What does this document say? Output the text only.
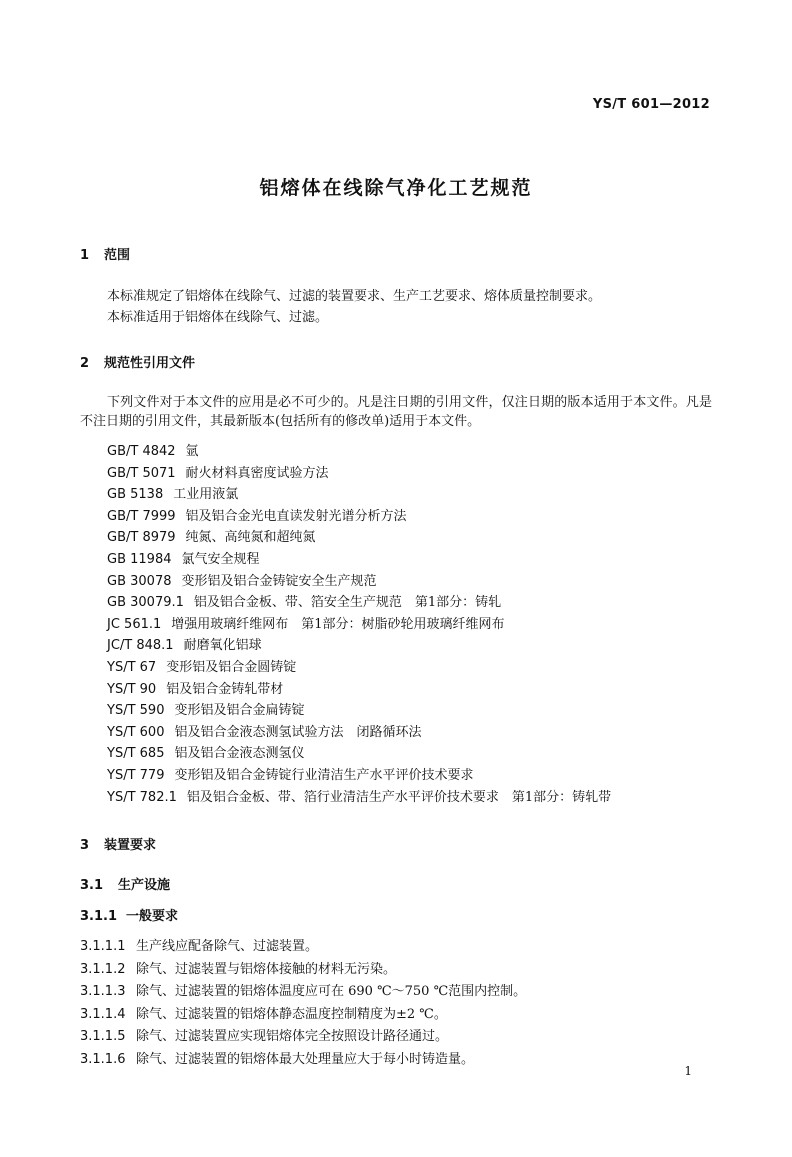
YS/T 601—2012
铝熔体在线除气净化工艺规范
1 范围
本标准规定了铝熔体在线除气、过滤的装置要求、生产工艺要求、熔体质量控制要求。
本标准适用于铝熔体在线除气、过滤。
2 规范性引用文件
下列文件对于本文件的应用是必不可少的。凡是注日期的引用文件，仅注日期的版本适用于本文件。凡是不注日期的引用文件，其最新版本(包括所有的修改单)适用于本文件。
GB/T 4842 氩
GB/T 5071 耐火材料真密度试验方法
GB 5138 工业用液氯
GB/T 7999 铝及铝合金光电直读发射光谱分析方法
GB/T 8979 纯氮、高纯氮和超纯氮
GB 11984 氯气安全规程
GB 30078 变形铝及铝合金铸锭安全生产规范
GB 30079.1 铝及铝合金板、带、箔安全生产规范　第1部分：铸轧
JC 561.1 增强用玻璃纤维网布　第1部分：树脂砂轮用玻璃纤维网布
JC/T 848.1 耐磨氧化铝球
YS/T 67 变形铝及铝合金圆铸锭
YS/T 90 铝及铝合金铸轧带材
YS/T 590 变形铝及铝合金扁铸锭
YS/T 600 铝及铝合金液态测氢试验方法　闭路循环法
YS/T 685 铝及铝合金液态测氢仪
YS/T 779 变形铝及铝合金铸锭行业清洁生产水平评价技术要求
YS/T 782.1 铝及铝合金板、带、箔行业清洁生产水平评价技术要求　第1部分：铸轧带
3 装置要求
3.1 生产设施
3.1.1 一般要求
3.1.1.1 生产线应配备除气、过滤装置。
3.1.1.2 除气、过滤装置与铝熔体接触的材料无污染。
3.1.1.3 除气、过滤装置的铝熔体温度应可在 690 ℃～750 ℃范围内控制。
3.1.1.4 除气、过滤装置的铝熔体静态温度控制精度为±2 ℃。
3.1.1.5 除气、过滤装置应实现铝熔体完全按照设计路径通过。
3.1.1.6 除气、过滤装置的铝熔体最大处理量应大于每小时铸造量。
1
